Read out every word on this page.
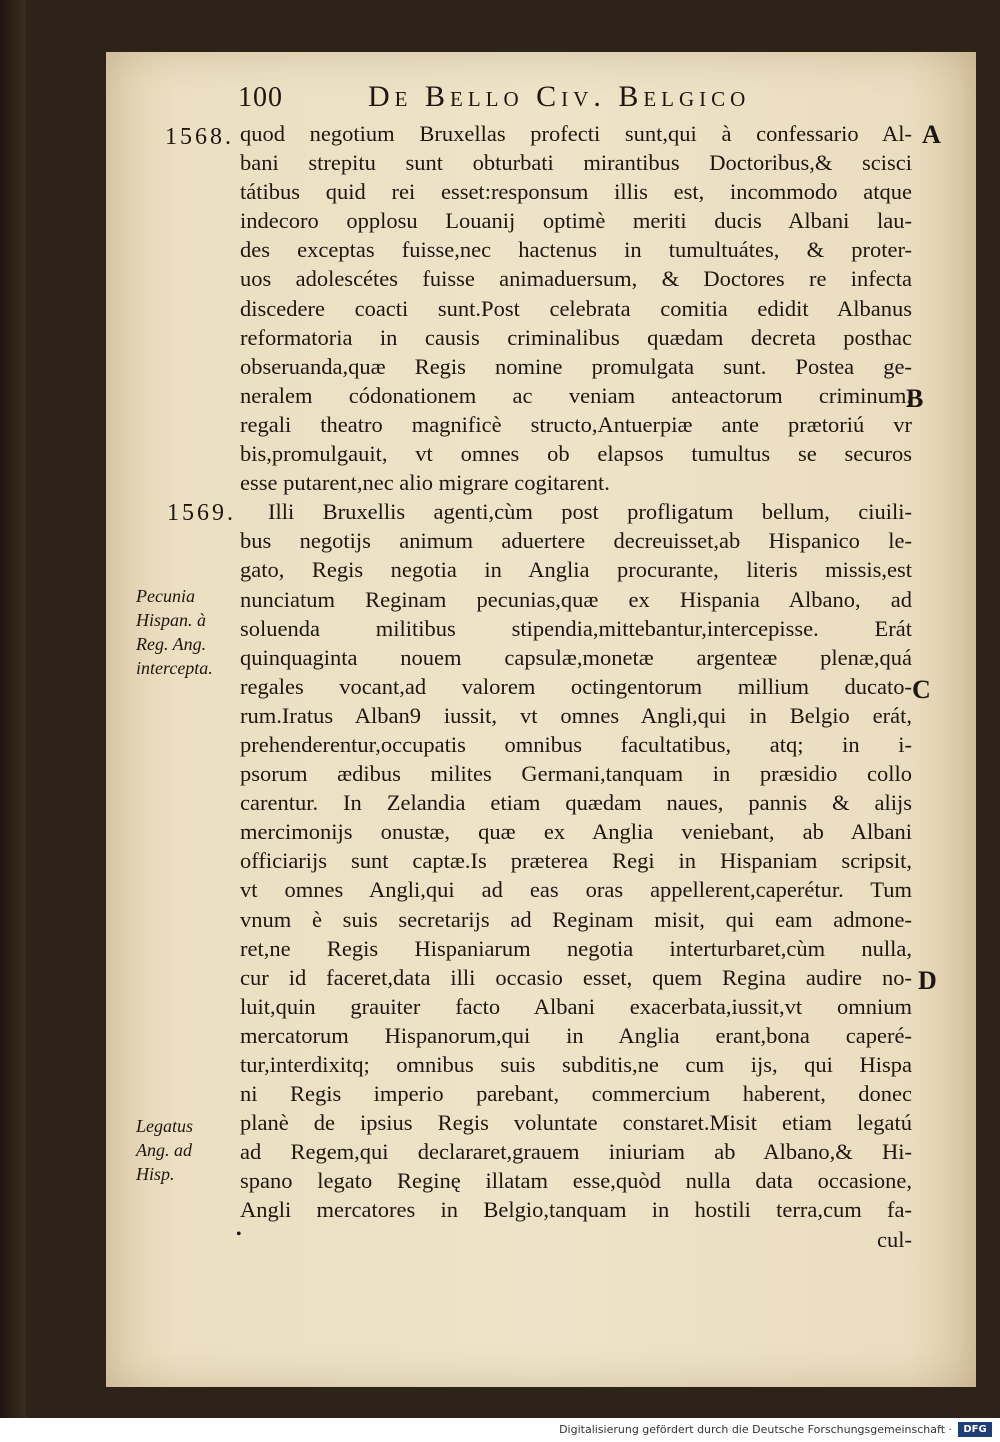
100	De Bello Civ. Belgico
1568.
1569.
quod negotium Bruxellas profecti sunt,qui à confessario Al-
bani strepitu sunt obturbati mirantibus Doctoribus,& scisci
tátibus quid rei esset:responsum illis est, incommodo atque
indecoro opplosu Louanij optimè meriti ducis Albani lau-
des exceptas fuisse,nec hactenus in tumultuátes, & proter-
uos adolescétes fuisse animaduersum, & Doctores re infecta
discedere coacti sunt.Post celebrata comitia edidit Albanus
reformatoria in causis criminalibus quædam decreta posthac
obseruanda,quæ Regis nomine promulgata sunt. Postea ge-
neralem códonationem ac veniam anteactorum criminum,
regali theatro magnificè structo,Antuerpiæ ante prætoriú vr
bis,promulgauit, vt omnes ob elapsos tumultus se securos
esse putarent,nec alio migrare cogitarent.
Illi Bruxellis agenti,cùm post profligatum bellum, ciuili-
bus negotijs animum aduertere decreuisset,ab Hispanico le-
gato, Regis negotia in Anglia procurante, literis missis,est
nunciatum Reginam pecunias,quæ ex Hispania Albano, ad
soluenda militibus stipendia,mittebantur,intercepisse. Erát
quinquaginta nouem capsulæ,monetæ argenteæ plenæ,quá
regales vocant,ad valorem octingentorum millium ducato-
rum.Iratus Alban9 iussit, vt omnes Angli,qui in Belgio erát,
prehenderentur,occupatis omnibus facultatibus, atq; in i-
psorum ædibus milites Germani,tanquam in præsidio collo
carentur. In Zelandia etiam quædam naues, pannis & alijs
mercimonijs onustæ, quæ ex Anglia veniebant, ab Albani
officiarijs sunt captæ.Is præterea Regi in Hispaniam scripsit,
vt omnes Angli,qui ad eas oras appellerent,caperétur. Tum
vnum è suis secretarijs ad Reginam misit, qui eam admone-
ret,ne Regis Hispaniarum negotia interturbaret,cùm nulla,
cur id faceret,data illi occasio esset, quem Regina audire no-
luit,quin grauiter facto Albani exacerbata,iussit,vt omnium
mercatorum Hispanorum,qui in Anglia erant,bona caperé-
tur,interdixitq; omnibus suis subditis,ne cum ijs, qui Hispa
ni Regis imperio parebant, commercium haberent, donec
planè de ipsius Regis voluntate constaret.Misit etiam legatú
ad Regem,qui declararet,grauem iniuriam ab Albano,& Hi-
spano legato Reginę illatam esse,quòd nulla data occasione,
Angli mercatores in Belgio,tanquam in hostili terra,cum fa-
cul-
A
B
C
D
Pecunia
Hispan. à
Reg. Ang.
intercepta.
Legatus
Ang. ad
Hisp.
•
Digitalisierung gefördert durch die Deutsche Forschungsgemeinschaft ·	DFG
